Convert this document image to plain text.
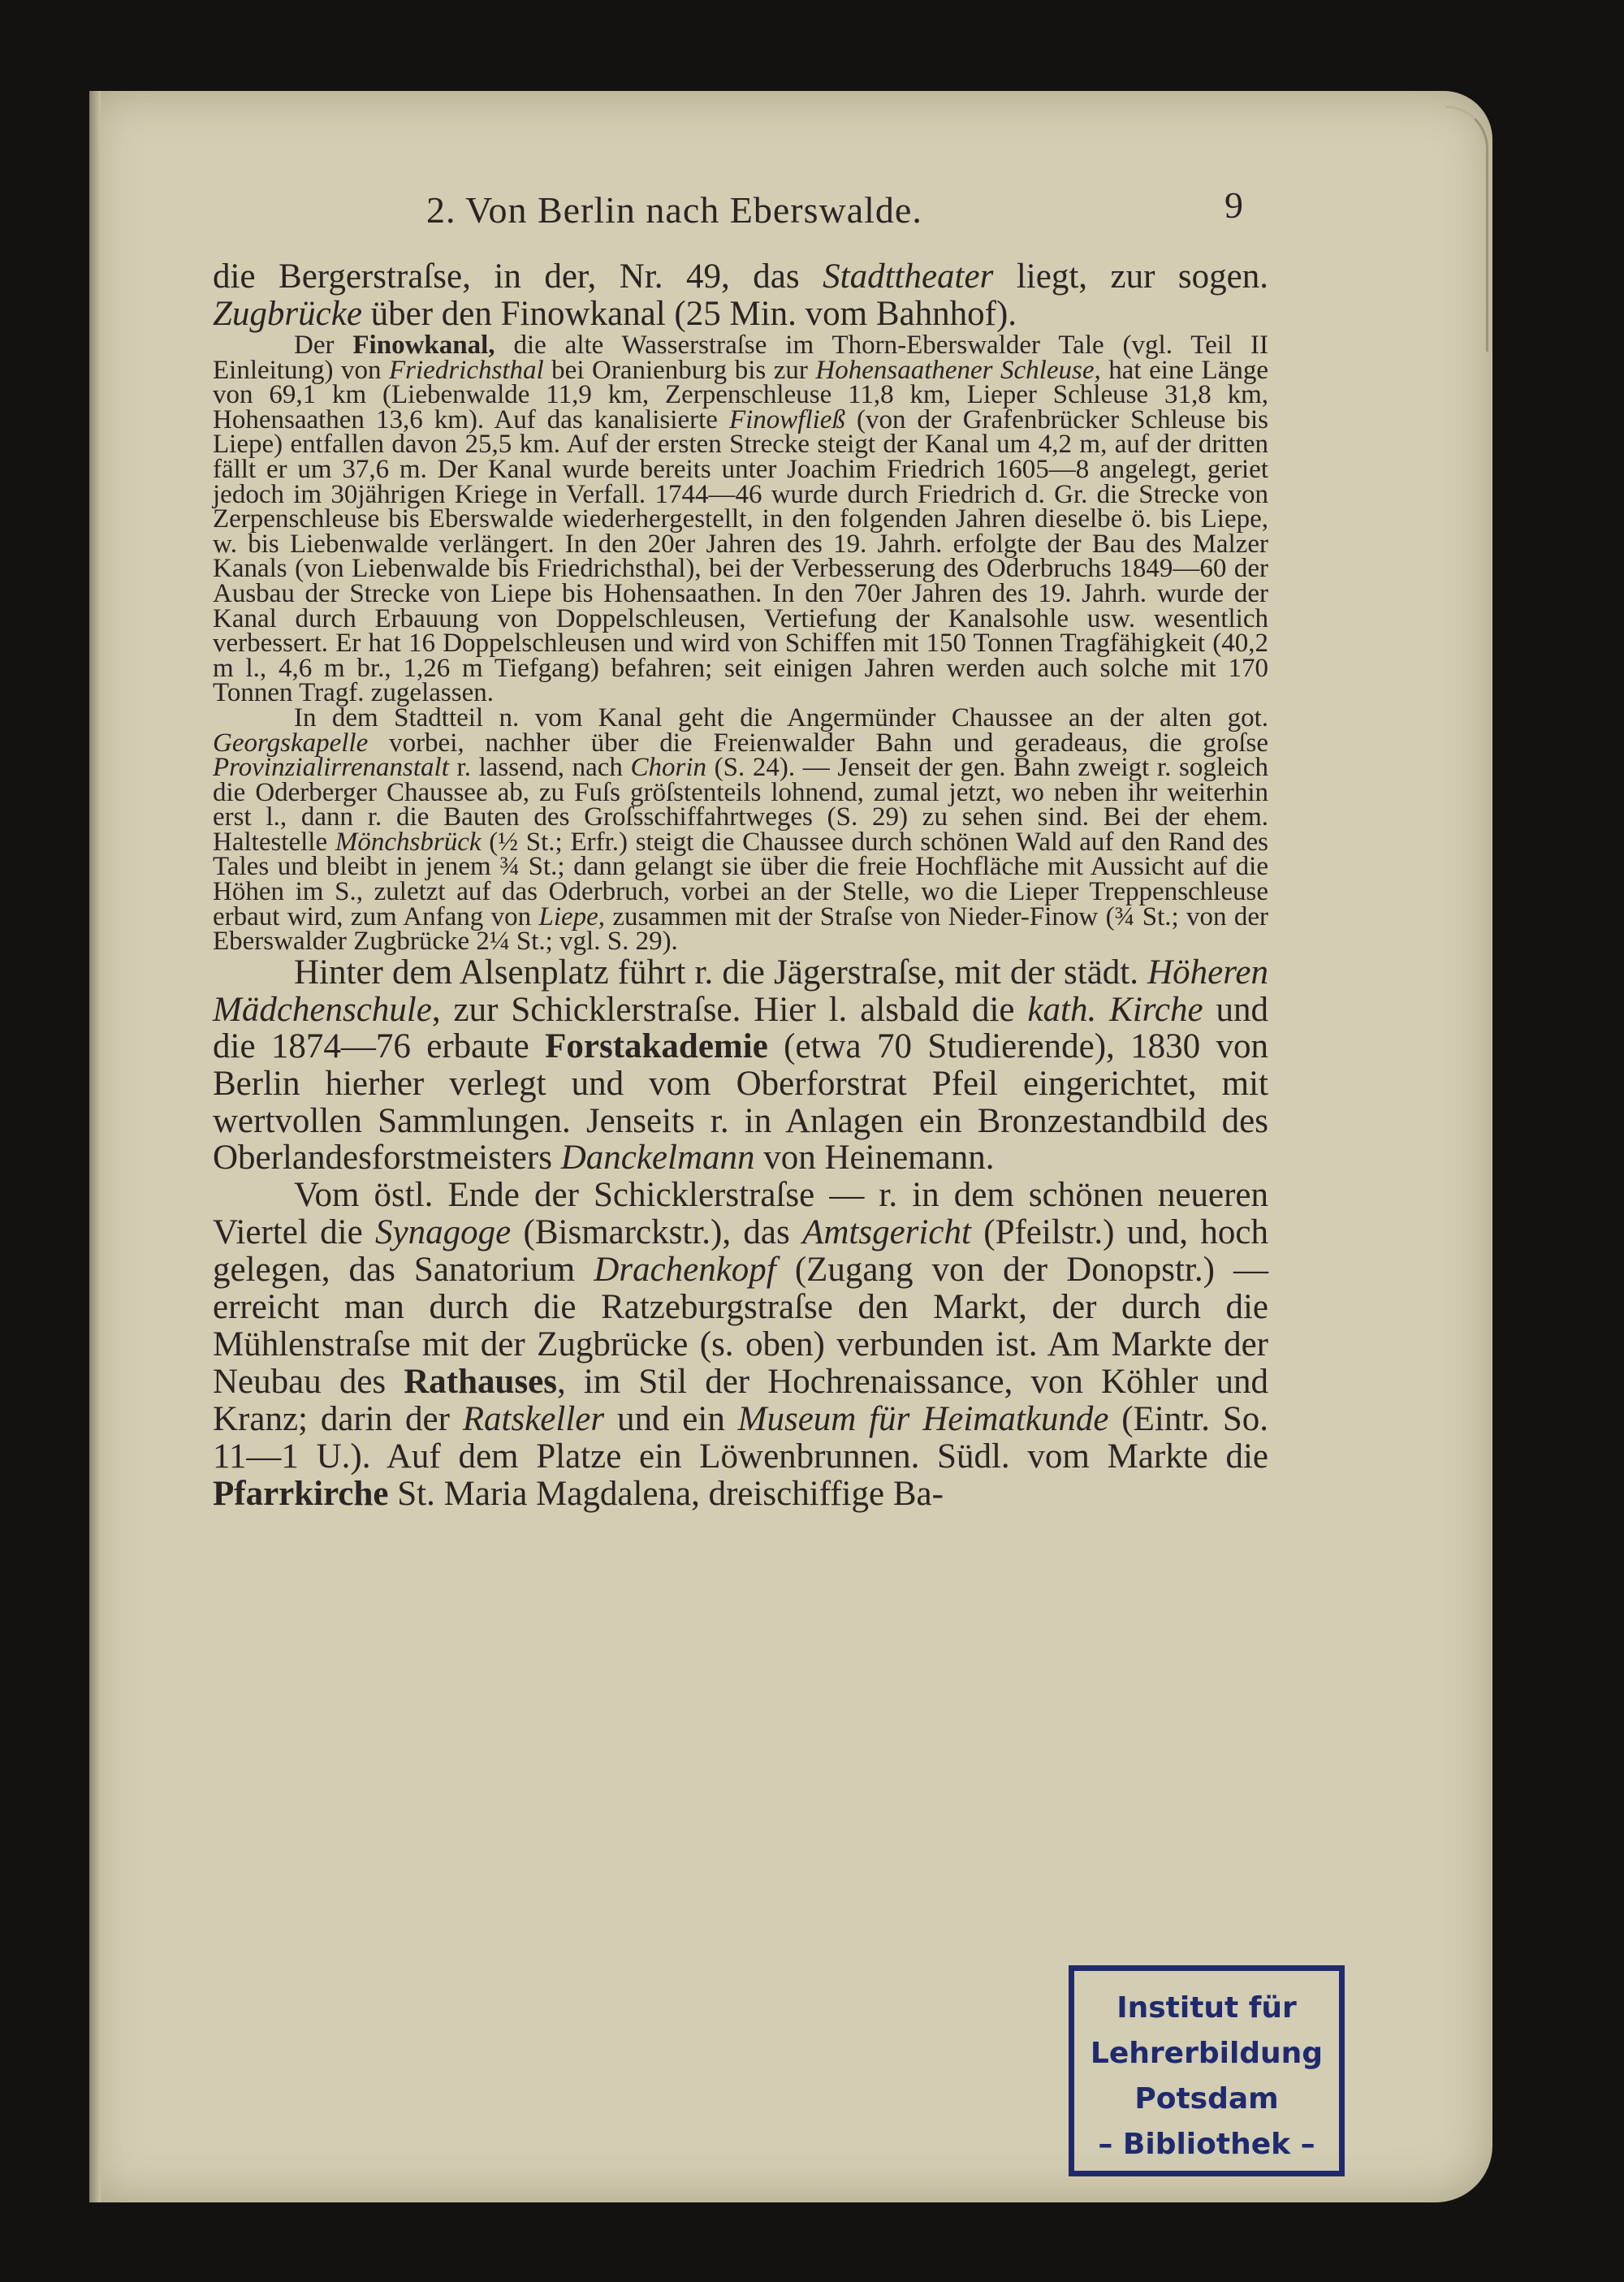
2. Von Berlin nach Eberswalde.	9

die Bergerstraſse, in der, Nr. 49, das Stadttheater liegt, zur sogen. Zugbrücke über den Finowkanal (25 Min. vom Bahnhof).

Der Finowkanal, die alte Wasserstraſse im Thorn-Eberswalder Tale (vgl. Teil II Einleitung) von Friedrichsthal bei Oranienburg bis zur Hohensaathener Schleuse, hat eine Länge von 69,1 km (Liebenwalde 11,9 km, Zerpenschleuse 11,8 km, Lieper Schleuse 31,8 km, Hohensaathen 13,6 km). Auf das kanalisierte Finowfließ (von der Grafenbrücker Schleuse bis Liepe) entfallen davon 25,5 km. Auf der ersten Strecke steigt der Kanal um 4,2 m, auf der dritten fällt er um 37,6 m. Der Kanal wurde bereits unter Joachim Friedrich 1605—8 angelegt, geriet jedoch im 30jährigen Kriege in Verfall. 1744—46 wurde durch Friedrich d. Gr. die Strecke von Zerpenschleuse bis Eberswalde wiederhergestellt, in den folgenden Jahren dieselbe ö. bis Liepe, w. bis Liebenwalde verlängert. In den 20er Jahren des 19. Jahrh. erfolgte der Bau des Malzer Kanals (von Liebenwalde bis Friedrichsthal), bei der Verbesserung des Oderbruchs 1849—60 der Ausbau der Strecke von Liepe bis Hohensaathen. In den 70er Jahren des 19. Jahrh. wurde der Kanal durch Erbauung von Doppelschleusen, Vertiefung der Kanalsohle usw. wesentlich verbessert. Er hat 16 Doppelschleusen und wird von Schiffen mit 150 Tonnen Tragfähigkeit (40,2 m l., 4,6 m br., 1,26 m Tiefgang) befahren; seit einigen Jahren werden auch solche mit 170 Tonnen Tragf. zugelassen.

In dem Stadtteil n. vom Kanal geht die Angermünder Chaussee an der alten got. Georgskapelle vorbei, nachher über die Freienwalder Bahn und geradeaus, die groſse Provinzialirrenanstalt r. lassend, nach Chorin (S. 24). — Jenseit der gen. Bahn zweigt r. sogleich die Oderberger Chaussee ab, zu Fuſs gröſstenteils lohnend, zumal jetzt, wo neben ihr weiterhin erst l., dann r. die Bauten des Groſsschiffahrtweges (S. 29) zu sehen sind. Bei der ehem. Haltestelle Mönchsbrück (½ St.; Erfr.) steigt die Chaussee durch schönen Wald auf den Rand des Tales und bleibt in jenem ¾ St.; dann gelangt sie über die freie Hochfläche mit Aussicht auf die Höhen im S., zuletzt auf das Oderbruch, vorbei an der Stelle, wo die Lieper Treppenschleuse erbaut wird, zum Anfang von Liepe, zusammen mit der Straſse von Nieder-Finow (¾ St.; von der Eberswalder Zugbrücke 2¼ St.; vgl. S. 29).

Hinter dem Alsenplatz führt r. die Jägerstraſse, mit der städt. Höheren Mädchenschule, zur Schicklerstraſse. Hier l. alsbald die kath. Kirche und die 1874—76 erbaute Forstakademie (etwa 70 Studierende), 1830 von Berlin hierher verlegt und vom Oberforstrat Pfeil eingerichtet, mit wertvollen Sammlungen. Jenseits r. in Anlagen ein Bronzestandbild des Oberlandesforstmeisters Danckelmann von Heinemann.

Vom östl. Ende der Schicklerstraſse — r. in dem schönen neueren Viertel die Synagoge (Bismarckstr.), das Amtsgericht (Pfeilstr.) und, hoch gelegen, das Sanatorium Drachenkopf (Zugang von der Donopstr.) — erreicht man durch die Ratzeburgstraſse den Markt, der durch die Mühlenstraſse mit der Zugbrücke (s. oben) verbunden ist. Am Markte der Neubau des Rathauses, im Stil der Hochrenaissance, von Köhler und Kranz; darin der Ratskeller und ein Museum für Heimatkunde (Eintr. So. 11—1 U.). Auf dem Platze ein Löwenbrunnen. Südl. vom Markte die Pfarrkirche St. Maria Magdalena, dreischiffige Ba-

Institut für
Lehrerbildung
Potsdam
– Bibliothek –
